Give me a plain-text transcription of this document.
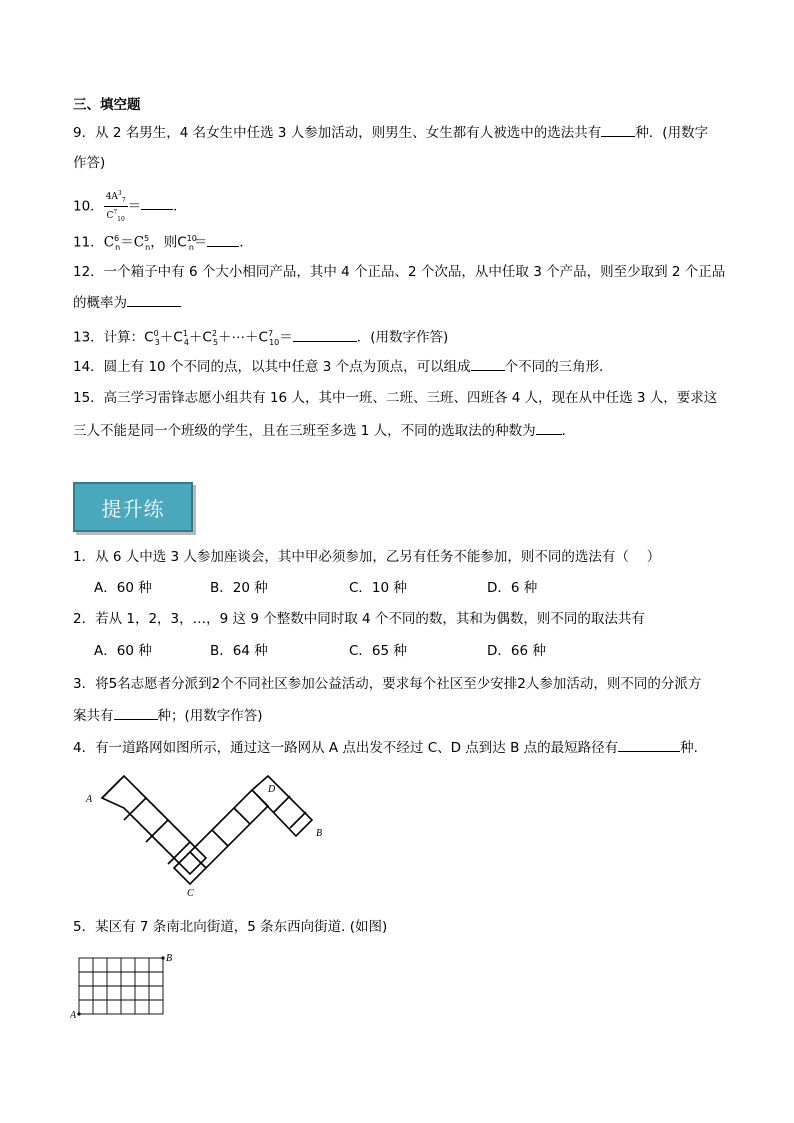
三、填空题
9．从 2 名男生，4 名女生中任选 3 人参加活动，则男生、女生都有人被选中的选法共有	种．(用数字
作答)
10． $\frac{4A^3_7}{C^7_{10}}$ ＝ ．
11．$C^6_n=C^5_n$，则$C^{10}_n=$ ．
12．一个箱子中有 6 个大小相同产品，其中 4 个正品、2 个次品，从中任取 3 个产品，则至少取到 2 个正品
的概率为
13．计算：$C^0_3+C^1_4+C^2_5+\cdots+C^7_{10}=$	．(用数字作答)
14．圆上有 10 个不同的点，以其中任意 3 个点为顶点，可以组成	个不同的三角形．
15．高三学习雷锋志愿小组共有 16 人，其中一班、二班、三班、四班各 4 人，现在从中任选 3 人，要求这
三人不能是同一个班级的学生，且在三班至多选 1 人，不同的选取法的种数为 ．
提升练
1．从 6 人中选 3 人参加座谈会，其中甲必须参加，乙另有任务不能参加，则不同的选法有（　 ）
A．60 种	B．20 种	C．10 种	D．6 种
2．若从 1，2，3，…，9 这 9 个整数中同时取 4 个不同的数，其和为偶数，则不同的取法共有
A．60 种	B．64 种	C．65 种	D．66 种
3．将5名志愿者分派到2个不同社区参加公益活动，要求每个社区至少安排2人参加活动，则不同的分派方
案共有	种；(用数字作答)
4．有一道路网如图所示，通过这一路网从 A 点出发不经过 C、D 点到达 B 点的最短路径有	种.
A
D
B
C
5．某区有 7 条南北向街道，5 条东西向街道. (如图)
B
A
